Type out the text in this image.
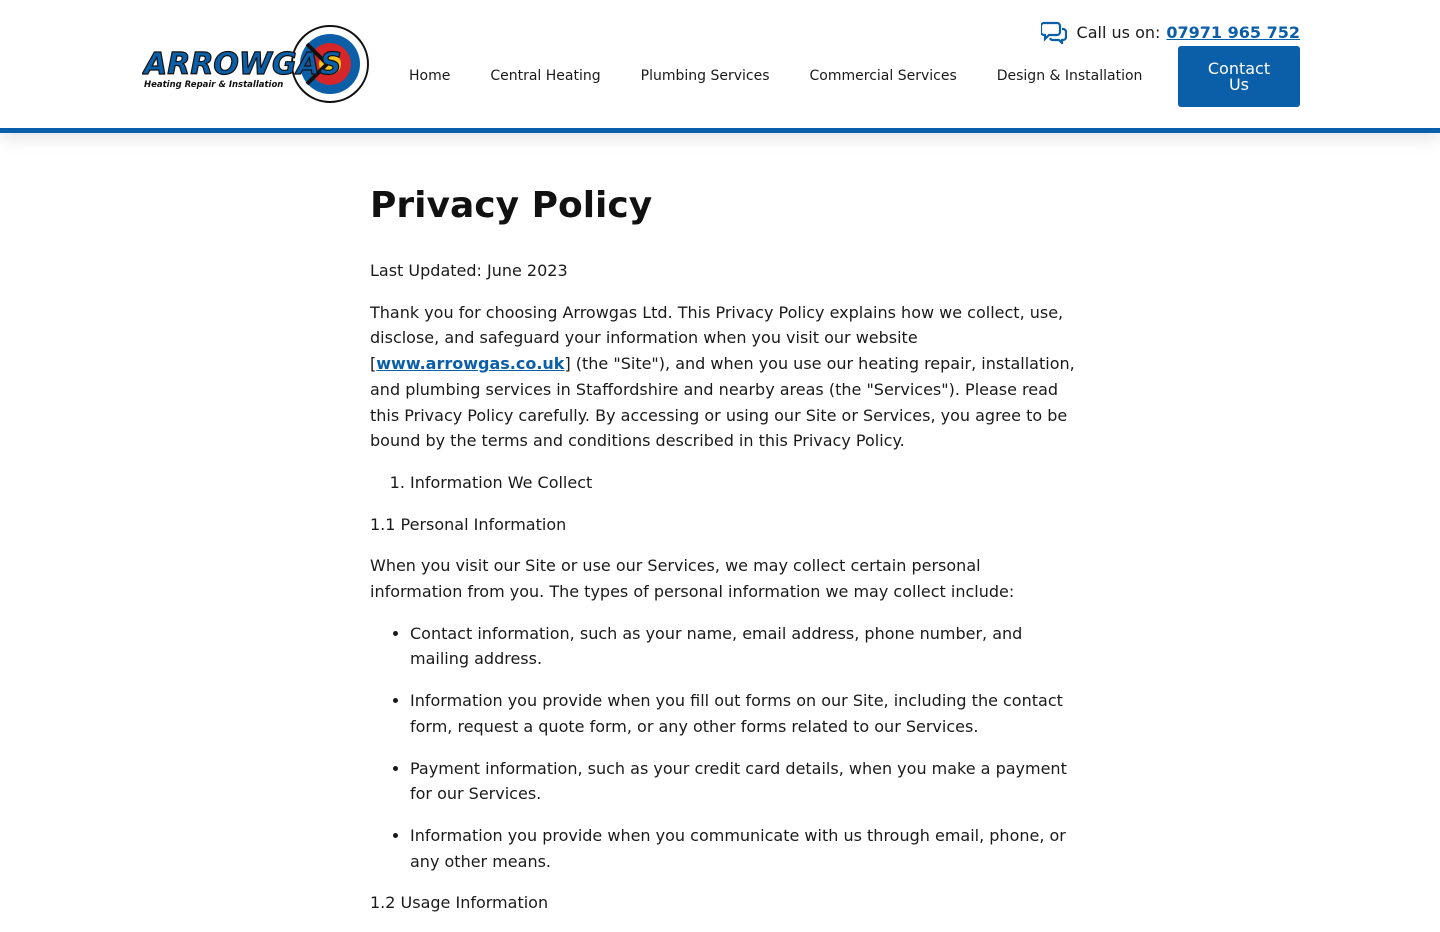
ARROWGAS
Heating Repair & Installation
Call us on: 07971 965 752
Home	Central Heating	Plumbing Services	Commercial Services	Design & Installation	Contact Us
Privacy Policy

Last Updated: June 2023

Thank you for choosing Arrowgas Ltd. This Privacy Policy explains how we collect, use, disclose, and safeguard your information when you visit our website [www.arrowgas.co.uk] (the "Site"), and when you use our heating repair, installation, and plumbing services in Staffordshire and nearby areas (the "Services"). Please read this Privacy Policy carefully. By accessing or using our Site or Services, you agree to be bound by the terms and conditions described in this Privacy Policy.

1. Information We Collect

1.1 Personal Information

When you visit our Site or use our Services, we may collect certain personal information from you. The types of personal information we may collect include:

• Contact information, such as your name, email address, phone number, and mailing address.
• Information you provide when you fill out forms on our Site, including the contact form, request a quote form, or any other forms related to our Services.
• Payment information, such as your credit card details, when you make a payment for our Services.
• Information you provide when you communicate with us through email, phone, or any other means.

1.2 Usage Information
